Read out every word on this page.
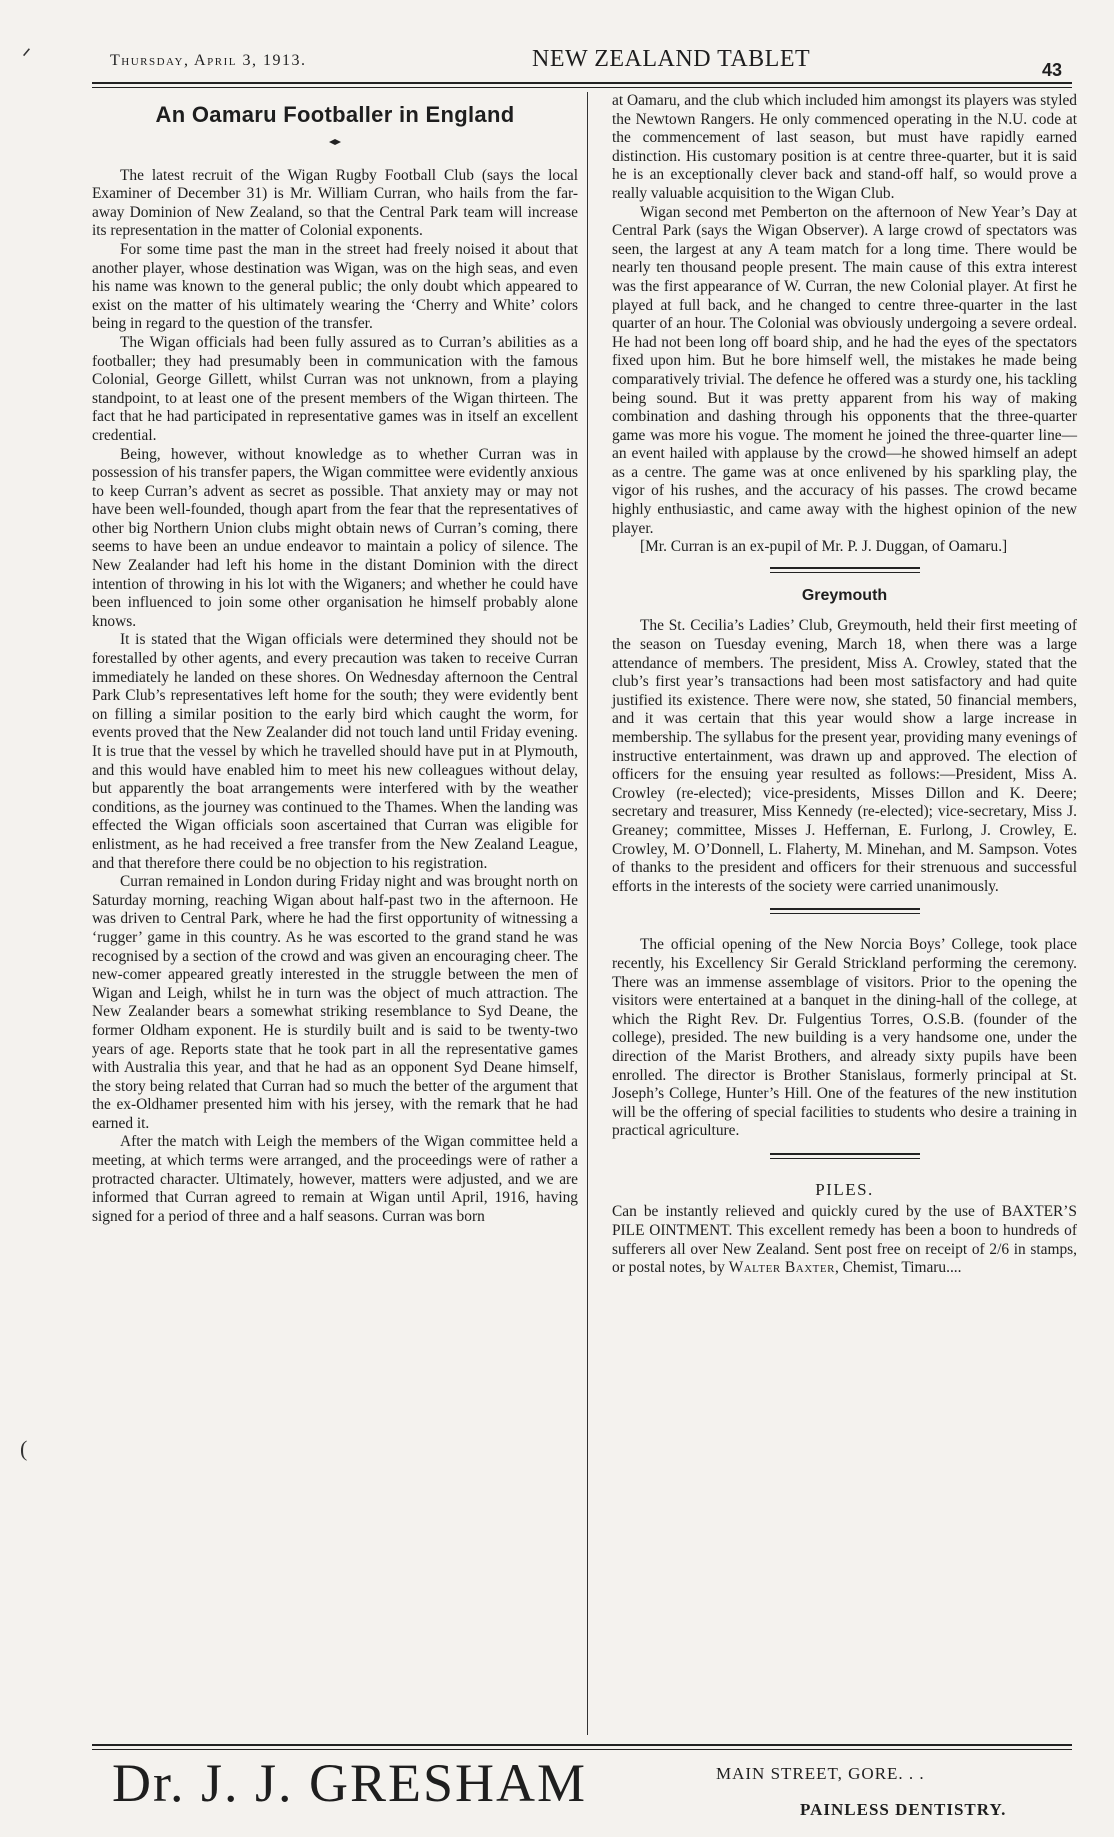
Thursday, April 3, 1913.	NEW ZEALAND TABLET	43
ᐟ
(
An Oamaru Footballer in England

The latest recruit of the Wigan Rugby Football Club (says the local Examiner of December 31) is Mr. William Curran, who hails from the far-away Dominion of New Zealand, so that the Central Park team will increase its representation in the matter of Colonial exponents.

For some time past the man in the street had freely noised it about that another player, whose destination was Wigan, was on the high seas, and even his name was known to the general public; the only doubt which appeared to exist on the matter of his ultimately wearing the ‘Cherry and White’ colors being in regard to the question of the transfer.

The Wigan officials had been fully assured as to Curran’s abilities as a footballer; they had presumably been in communication with the famous Colonial, George Gillett, whilst Curran was not unknown, from a playing standpoint, to at least one of the present members of the Wigan thirteen. The fact that he had participated in representative games was in itself an excellent credential.

Being, however, without knowledge as to whether Curran was in possession of his transfer papers, the Wigan committee were evidently anxious to keep Curran’s advent as secret as possible. That anxiety may or may not have been well-founded, though apart from the fear that the representatives of other big Northern Union clubs might obtain news of Curran’s coming, there seems to have been an undue endeavor to maintain a policy of silence. The New Zealander had left his home in the distant Dominion with the direct intention of throwing in his lot with the Wiganers; and whether he could have been influenced to join some other organisation he himself probably alone knows.

It is stated that the Wigan officials were determined they should not be forestalled by other agents, and every precaution was taken to receive Curran immediately he landed on these shores. On Wednesday afternoon the Central Park Club’s representatives left home for the south; they were evidently bent on filling a similar position to the early bird which caught the worm, for events proved that the New Zealander did not touch land until Friday evening. It is true that the vessel by which he travelled should have put in at Plymouth, and this would have enabled him to meet his new colleagues without delay, but apparently the boat arrangements were interfered with by the weather conditions, as the journey was continued to the Thames. When the landing was effected the Wigan officials soon ascertained that Curran was eligible for enlistment, as he had received a free transfer from the New Zealand League, and that therefore there could be no objection to his registration.

Curran remained in London during Friday night and was brought north on Saturday morning, reaching Wigan about half-past two in the afternoon. He was driven to Central Park, where he had the first opportunity of witnessing a ‘rugger’ game in this country. As he was escorted to the grand stand he was recognised by a section of the crowd and was given an encouraging cheer. The new-comer appeared greatly interested in the struggle between the men of Wigan and Leigh, whilst he in turn was the object of much attraction. The New Zealander bears a somewhat striking resemblance to Syd Deane, the former Oldham exponent. He is sturdily built and is said to be twenty-two years of age. Reports state that he took part in all the representative games with Australia this year, and that he had as an opponent Syd Deane himself, the story being related that Curran had so much the better of the argument that the ex-Oldhamer presented him with his jersey, with the remark that he had earned it.

After the match with Leigh the members of the Wigan committee held a meeting, at which terms were arranged, and the proceedings were of rather a protracted character. Ultimately, however, matters were adjusted, and we are informed that Curran agreed to remain at Wigan until April, 1916, having signed for a period of three and a half seasons. Curran was born

at Oamaru, and the club which included him amongst its players was styled the Newtown Rangers. He only commenced operating in the N.U. code at the commencement of last season, but must have rapidly earned distinction. His customary position is at centre three-quarter, but it is said he is an exceptionally clever back and stand-off half, so would prove a really valuable acquisition to the Wigan Club.

Wigan second met Pemberton on the afternoon of New Year’s Day at Central Park (says the Wigan Observer). A large crowd of spectators was seen, the largest at any A team match for a long time. There would be nearly ten thousand people present. The main cause of this extra interest was the first appearance of W. Curran, the new Colonial player. At first he played at full back, and he changed to centre three-quarter in the last quarter of an hour. The Colonial was obviously undergoing a severe ordeal. He had not been long off board ship, and he had the eyes of the spectators fixed upon him. But he bore himself well, the mistakes he made being comparatively trivial. The defence he offered was a sturdy one, his tackling being sound. But it was pretty apparent from his way of making combination and dashing through his opponents that the three-quarter game was more his vogue. The moment he joined the three-quarter line—an event hailed with applause by the crowd—he showed himself an adept as a centre. The game was at once enlivened by his sparkling play, the vigor of his rushes, and the accuracy of his passes. The crowd became highly enthusiastic, and came away with the highest opinion of the new player.

[Mr. Curran is an ex-pupil of Mr. P. J. Duggan, of Oamaru.]

Greymouth

The St. Cecilia’s Ladies’ Club, Greymouth, held their first meeting of the season on Tuesday evening, March 18, when there was a large attendance of members. The president, Miss A. Crowley, stated that the club’s first year’s transactions had been most satisfactory and had quite justified its existence. There were now, she stated, 50 financial members, and it was certain that this year would show a large increase in membership. The syllabus for the present year, providing many evenings of instructive entertainment, was drawn up and approved. The election of officers for the ensuing year resulted as follows:—President, Miss A. Crowley (re-elected); vice-presidents, Misses Dillon and K. Deere; secretary and treasurer, Miss Kennedy (re-elected); vice-secretary, Miss J. Greaney; committee, Misses J. Heffernan, E. Furlong, J. Crowley, E. Crowley, M. O’Donnell, L. Flaherty, M. Minehan, and M. Sampson. Votes of thanks to the president and officers for their strenuous and successful efforts in the interests of the society were carried unanimously.

The official opening of the New Norcia Boys’ College, took place recently, his Excellency Sir Gerald Strickland performing the ceremony. There was an immense assemblage of visitors. Prior to the opening the visitors were entertained at a banquet in the dining-hall of the college, at which the Right Rev. Dr. Fulgentius Torres, O.S.B. (founder of the college), presided. The new building is a very handsome one, under the direction of the Marist Brothers, and already sixty pupils have been enrolled. The director is Brother Stanislaus, formerly principal at St. Joseph’s College, Hunter’s Hill. One of the features of the new institution will be the offering of special facilities to students who desire a training in practical agriculture.

PILES.

Can be instantly relieved and quickly cured by the use of BAXTER’S PILE OINTMENT. This excellent remedy has been a boon to hundreds of sufferers all over New Zealand. Sent post free on receipt of 2/6 in stamps, or postal notes, by Walter Baxter, Chemist, Timaru....

Dr. J. J. GRESHAM	MAIN STREET, GORE. . .
PAINLESS DENTISTRY.
